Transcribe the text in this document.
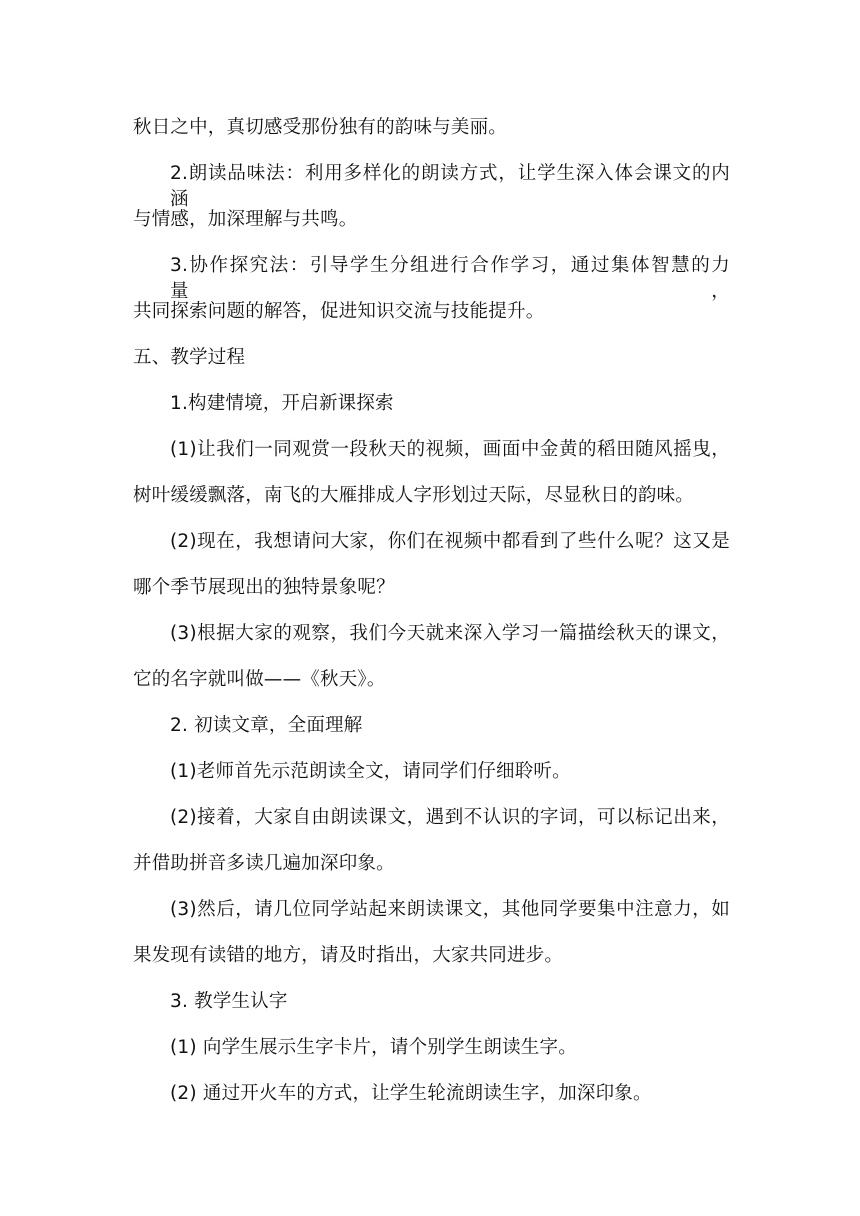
秋日之中，真切感受那份独有的韵味与美丽。

2.朗读品味法：利用多样化的朗读方式，让学生深入体会课文的内涵

与情感，加深理解与共鸣。

3.协作探究法：引导学生分组进行合作学习，通过集体智慧的力量，

共同探索问题的解答，促进知识交流与技能提升。

五、教学过程

1.构建情境，开启新课探索

(1)让我们一同观赏一段秋天的视频，画面中金黄的稻田随风摇曳，

树叶缓缓飘落，南飞的大雁排成人字形划过天际，尽显秋日的韵味。

(2)现在，我想请问大家，你们在视频中都看到了些什么呢？这又是

哪个季节展现出的独特景象呢？

(3)根据大家的观察，我们今天就来深入学习一篇描绘秋天的课文，

它的名字就叫做——《秋天》。

2. 初读文章，全面理解

(1)老师首先示范朗读全文，请同学们仔细聆听。

(2)接着，大家自由朗读课文，遇到不认识的字词，可以标记出来，

并借助拼音多读几遍加深印象。

(3)然后，请几位同学站起来朗读课文，其他同学要集中注意力，如

果发现有读错的地方，请及时指出，大家共同进步。

3. 教学生认字

(1) 向学生展示生字卡片，请个别学生朗读生字。

(2) 通过开火车的方式，让学生轮流朗读生字，加深印象。
